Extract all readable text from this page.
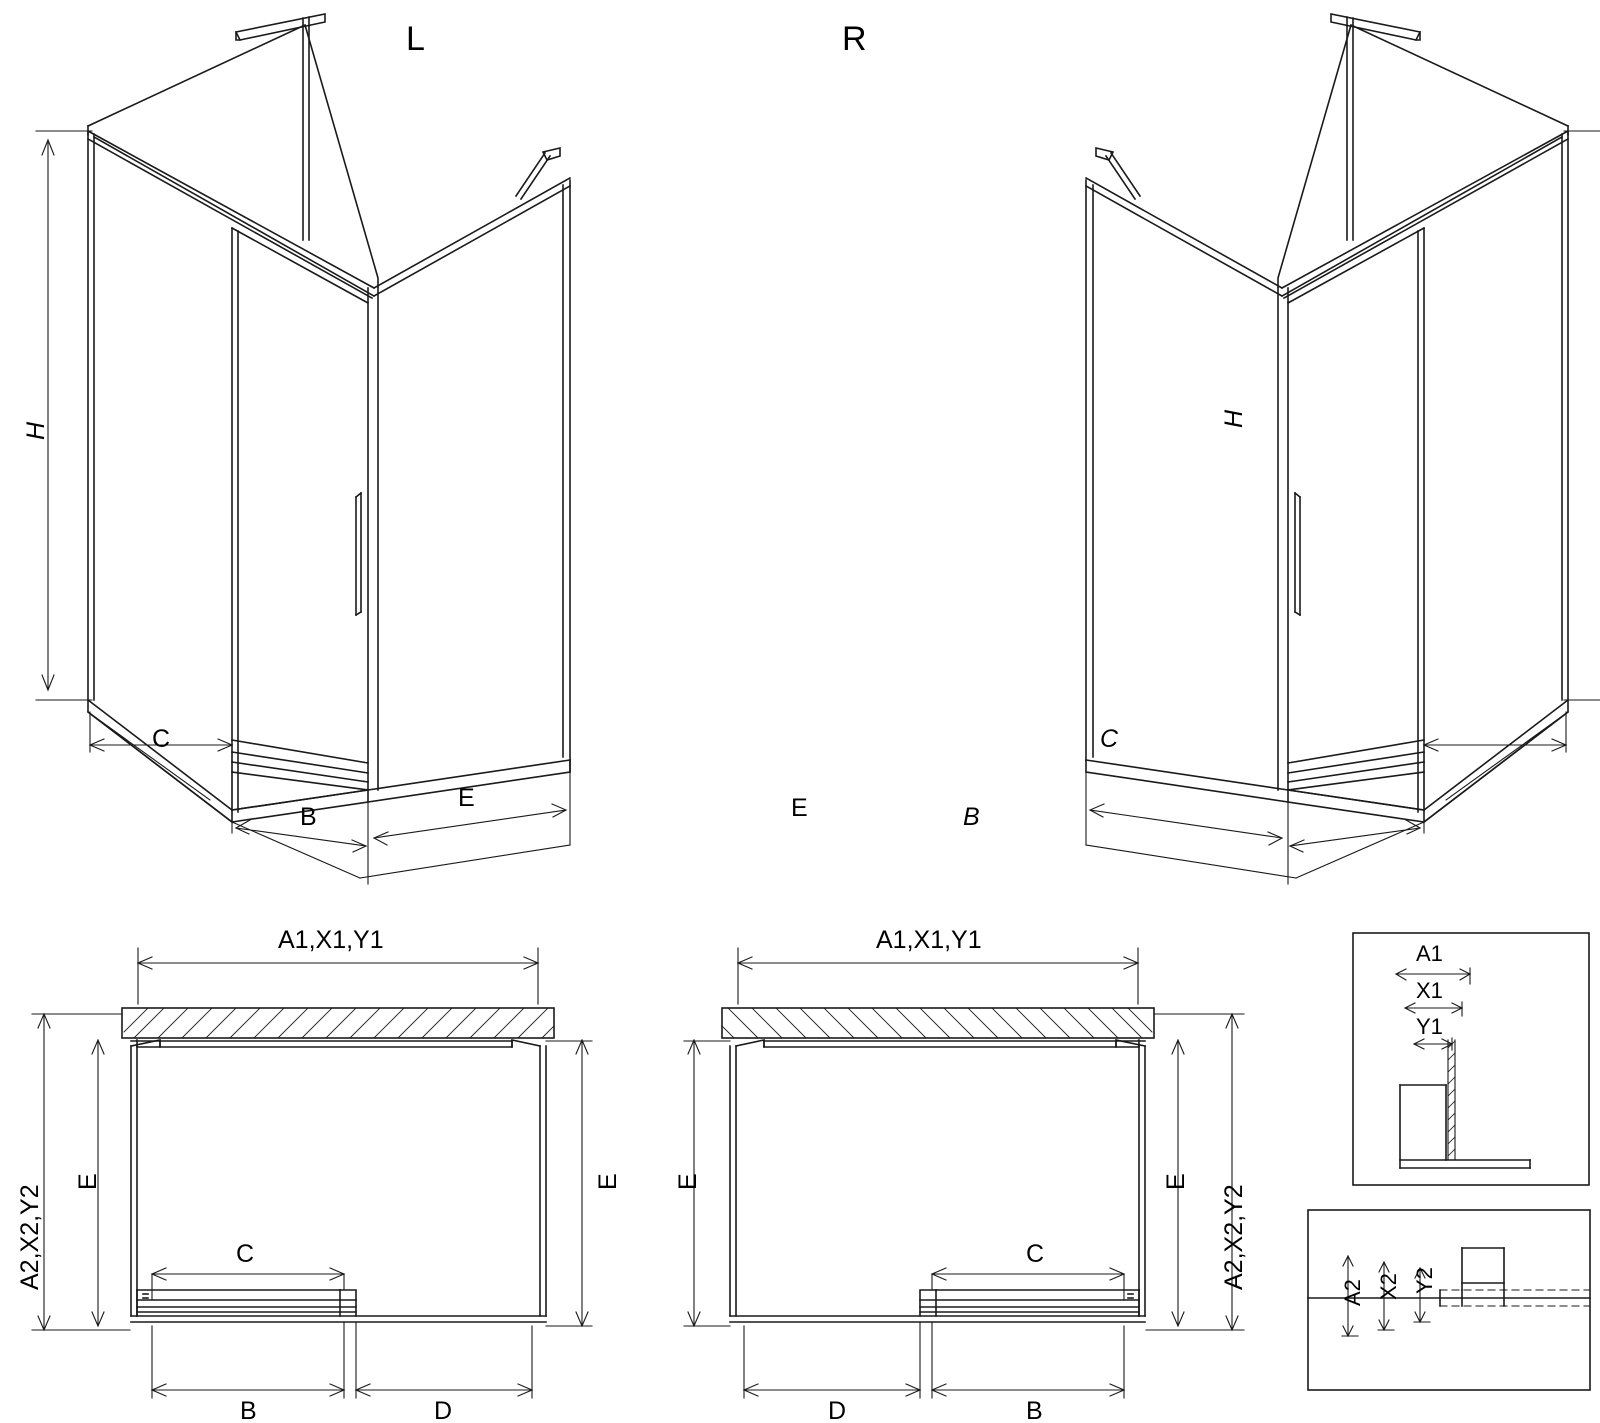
L	R
H
C
B
E
H
E	B
C
A1,X1,Y1
A2,X2,Y2
E	E
C
B	D
A1,X1,Y1
A2,X2,Y2
E
E
C
D	B
A1
X1
Y1
A2 X2 Y2
